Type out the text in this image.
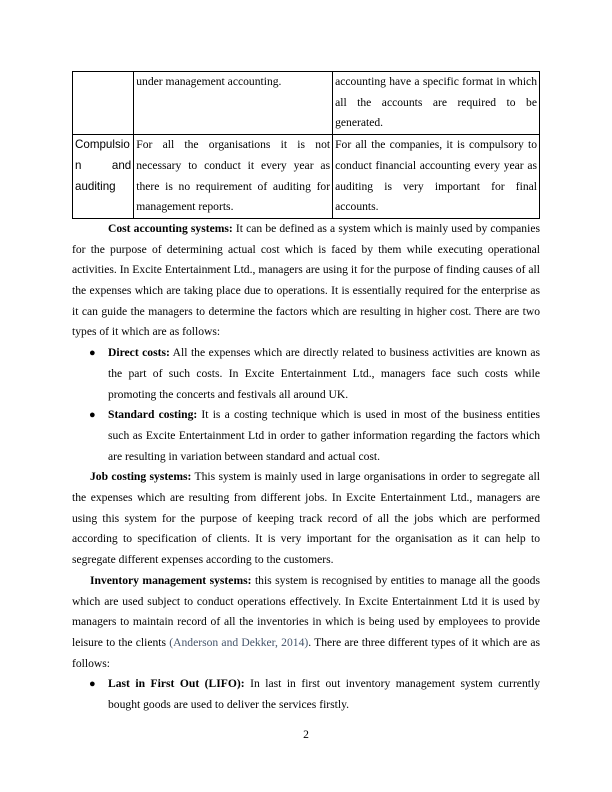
	under management accounting.	accounting have a specific format in which all the accounts are required to be generated.

Compulsio
n and
auditing	For all the organisations it is not necessary to conduct it every year as there is no requirement of auditing for management reports.	For all the companies, it is compulsory to conduct financial accounting every year as auditing is very important for final accounts.

Cost accounting systems: It can be defined as a system which is mainly used by companies for the purpose of determining actual cost which is faced by them while executing operational activities. In Excite Entertainment Ltd., managers are using it for the purpose of finding causes of all the expenses which are taking place due to operations. It is essentially required for the enterprise as it can guide the managers to determine the factors which are resulting in higher cost. There are two types of it which are as follows:

● Direct costs: All the expenses which are directly related to business activities are known as the part of such costs. In Excite Entertainment Ltd., managers face such costs while promoting the concerts and festivals all around UK.
● Standard costing: It is a costing technique which is used in most of the business entities such as Excite Entertainment Ltd in order to gather information regarding the factors which are resulting in variation between standard and actual cost.

Job costing systems: This system is mainly used in large organisations in order to segregate all the expenses which are resulting from different jobs. In Excite Entertainment Ltd., managers are using this system for the purpose of keeping track record of all the jobs which are performed according to specification of clients. It is very important for the organisation as it can help to segregate different expenses according to the customers.

Inventory management systems: this system is recognised by entities to manage all the goods which are used subject to conduct operations effectively. In Excite Entertainment Ltd it is used by managers to maintain record of all the inventories in which is being used by employees to provide leisure to the clients (Anderson and Dekker, 2014). There are three different types of it which are as follows:

● Last in First Out (LIFO): In last in first out inventory management system currently bought goods are used to deliver the services firstly.
2
